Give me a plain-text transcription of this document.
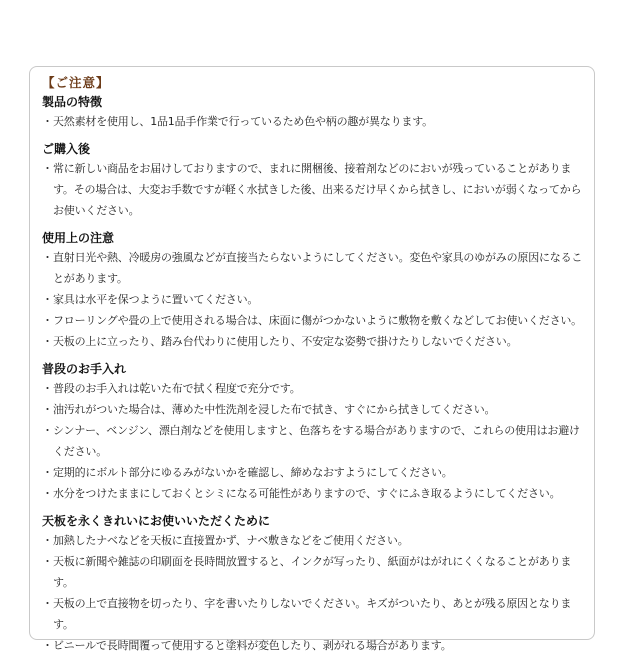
【ご注意】
製品の特徴

・天然素材を使用し、1品1品手作業で行っているため色や柄の趣が異なります。

ご購入後

・常に新しい商品をお届けしておりますので、まれに開梱後、接着剤などのにおいが残っていることがあります。その場合は、大変お手数ですが軽く水拭きした後、出来るだけ早くから拭きし、においが弱くなってからお使いください。

使用上の注意

・直射日光や熱、冷暖房の強風などが直接当たらないようにしてください。変色や家具のゆがみの原因になることがあります。

・家具は水平を保つように置いてください。

・フローリングや畳の上で使用される場合は、床面に傷がつかないように敷物を敷くなどしてお使いください。

・天板の上に立ったり、踏み台代わりに使用したり、不安定な姿勢で掛けたりしないでください。

普段のお手入れ

・普段のお手入れは乾いた布で拭く程度で充分です。

・油汚れがついた場合は、薄めた中性洗剤を浸した布で拭き、すぐにから拭きしてください。

・シンナー、ベンジン、漂白剤などを使用しますと、色落ちをする場合がありますので、これらの使用はお避けください。

・定期的にボルト部分にゆるみがないかを確認し、締めなおすようにしてください。

・水分をつけたままにしておくとシミになる可能性がありますので、すぐにふき取るようにしてください。

天板を永くきれいにお使いいただくために

・加熱したナベなどを天板に直接置かず、ナベ敷きなどをご使用ください。

・天板に新聞や雑誌の印刷面を長時間放置すると、インクが写ったり、紙面がはがれにくくなることがあります。

・天板の上で直接物を切ったり、字を書いたりしないでください。キズがついたり、あとが残る原因となります。

・ビニールで長時間覆って使用すると塗料が変色したり、剥がれる場合があります。
